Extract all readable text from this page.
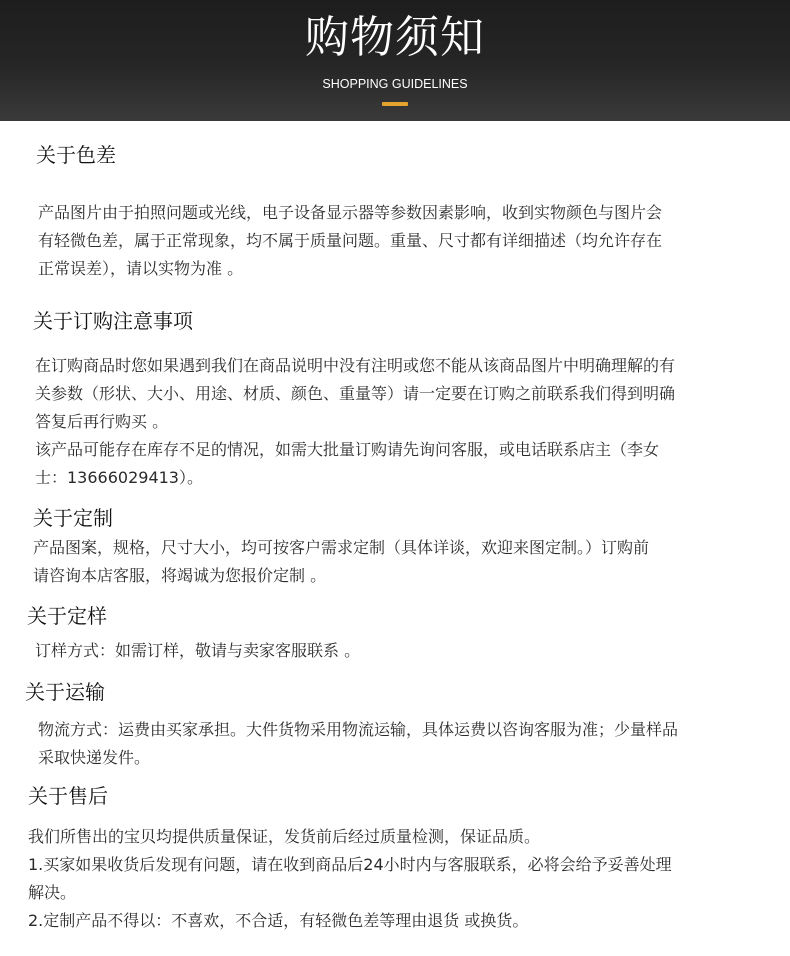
购物须知
SHOPPING GUIDELINES
关于色差
产品图片由于拍照问题或光线，电子设备显示器等参数因素影响，收到实物颜色与图片会
有轻微色差，属于正常现象，均不属于质量问题。重量、尺寸都有详细描述（均允许存在
正常误差），请以实物为准 。
关于订购注意事项
在订购商品时您如果遇到我们在商品说明中没有注明或您不能从该商品图片中明确理解的有
关参数（形状、大小、用途、材质、颜色、重量等）请一定要在订购之前联系我们得到明确
答复后再行购买 。
该产品可能存在库存不足的情况，如需大批量订购请先询问客服，或电话联系店主（李女
士：13666029413）。
关于定制
产品图案，规格，尺寸大小，均可按客户需求定制（具体详谈，欢迎来图定制。）订购前
请咨询本店客服，将竭诚为您报价定制 。
关于定样
订样方式：如需订样，敬请与卖家客服联系 。
关于运输
物流方式：运费由买家承担。大件货物采用物流运输，具体运费以咨询客服为准；少量样品
采取快递发件。
关于售后
我们所售出的宝贝均提供质量保证，发货前后经过质量检测，保证品质。
1.买家如果收货后发现有问题，请在收到商品后24小时内与客服联系，必将会给予妥善处理
解决。
2.定制产品不得以：不喜欢，不合适，有轻微色差等理由退货 或换货。
